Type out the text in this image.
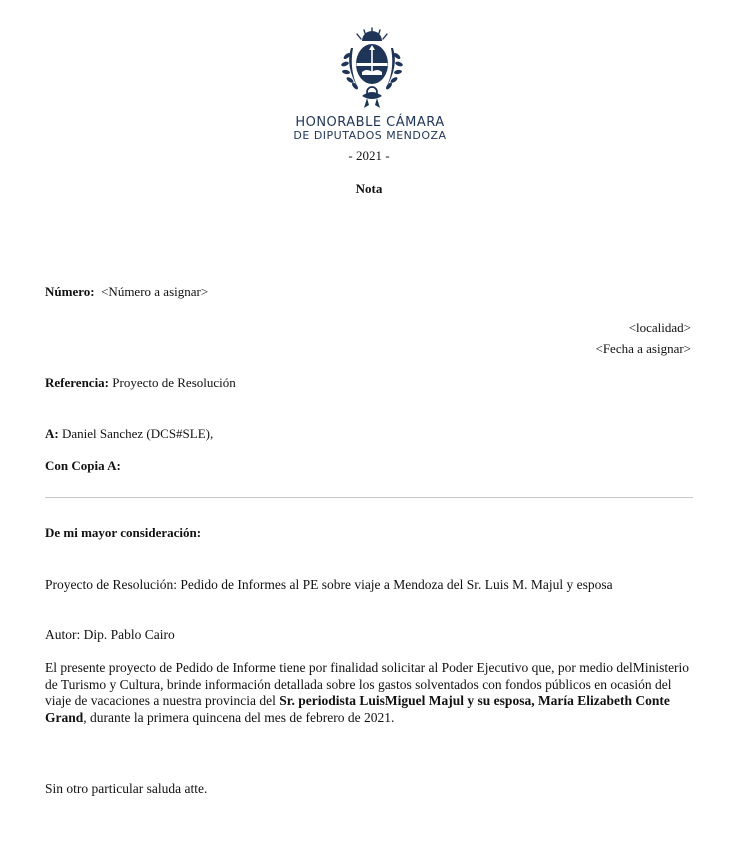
HONORABLE CÁMARA
DE DIPUTADOS MENDOZA
- 2021 -
Nota
Número: <Número a asignar>
<localidad>
<Fecha a asignar>
Referencia: Proyecto de Resolución
A: Daniel Sanchez (DCS#SLE),
Con Copia A:
De mi mayor consideración:
Proyecto de Resolución: Pedido de Informes al PE sobre viaje a Mendoza del Sr. Luis M. Majul y esposa
Autor: Dip. Pablo Cairo
El presente proyecto de Pedido de Informe tiene por finalidad solicitar al Poder Ejecutivo que, por medio delMinisterio de Turismo y Cultura, brinde información detallada sobre los gastos solventados con fondos públicos en ocasión del viaje de vacaciones a nuestra provincia del Sr. periodista LuisMiguel Majul y su esposa, María Elizabeth Conte Grand, durante la primera quincena del mes de febrero de 2021.
Sin otro particular saluda atte.
